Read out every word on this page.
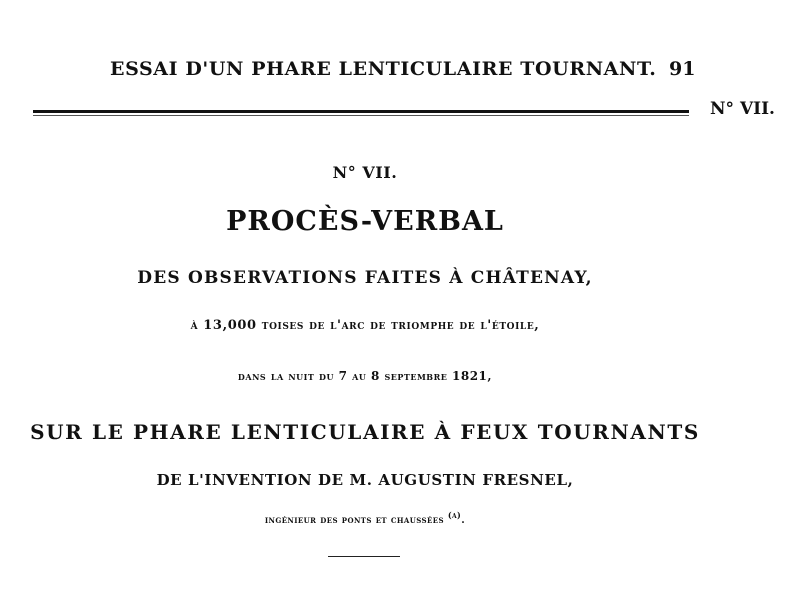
ESSAI D'UN PHARE LENTICULAIRE TOURNANT. 91
N° VII.
N° VII.
PROCÈS-VERBAL
DES OBSERVATIONS FAITES À CHÂTENAY,
à 13,000 toises de l'arc de triomphe de l'étoile,
dans la nuit du 7 au 8 septembre 1821,
SUR LE PHARE LENTICULAIRE À FEUX TOURNANTS
DE L'INVENTION DE M. AUGUSTIN FRESNEL,
ingénieur des ponts et chaussées $^{(a)}$.
